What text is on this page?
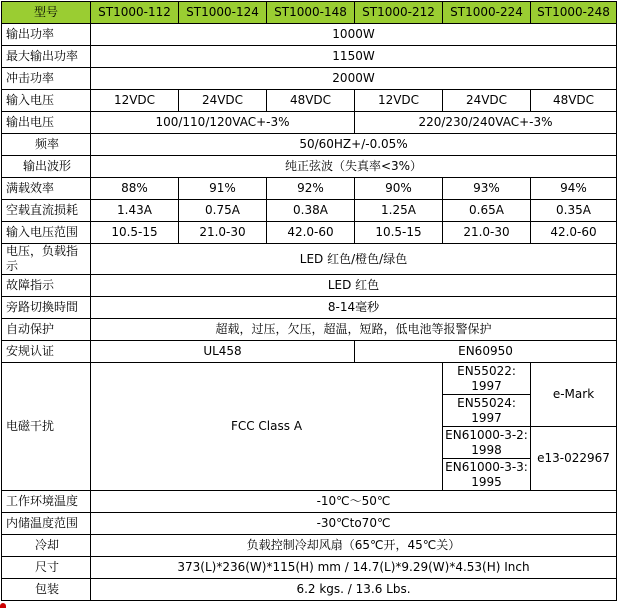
型号	ST1000-112	ST1000-124	ST1000-148	ST1000-212	ST1000-224	ST1000-248
输出功率	1000W					
最大输出功率	1150W					
冲击功率	2000W					
输入电压	12VDC	24VDC	48VDC	12VDC	24VDC	48VDC
输出电压	100/110/120VAC+-3%			220/230/240VAC+-3%		
频率	50/60HZ+/-0.05%					
输出波形	纯正弦波（失真率<3%）					
满载效率	88%	91%	92%	90%	93%	94%
空载直流损耗	1.43A	0.75A	0.38A	1.25A	0.65A	0.35A
输入电压范围	10.5-15	21.0-30	42.0-60	10.5-15	21.0-30	42.0-60
电压，负载指示	LED 红色/橙色/绿色					
故障指示	LED 红色					
旁路切換時間	8-14毫秒					
自动保护	超载，过压，欠压，超温，短路，低电池等报警保护					
安规认证	UL458			EN60950		
电磁干扰	FCC Class A				EN55022: 1997	e-Mark
					EN55024: 1997	
					EN61000-3-2: 1998	e13-022967
					EN61000-3-3: 1995	
工作环境温度	-10℃～50℃					
内储温度范围	-30℃to70℃					
冷却	负载控制冷却风扇（65℃开，45℃关）					
尺寸	373(L)*236(W)*115(H) mm / 14.7(L)*9.29(W)*4.53(H) Inch					
包装	6.2 kgs. / 13.6 Lbs.					
